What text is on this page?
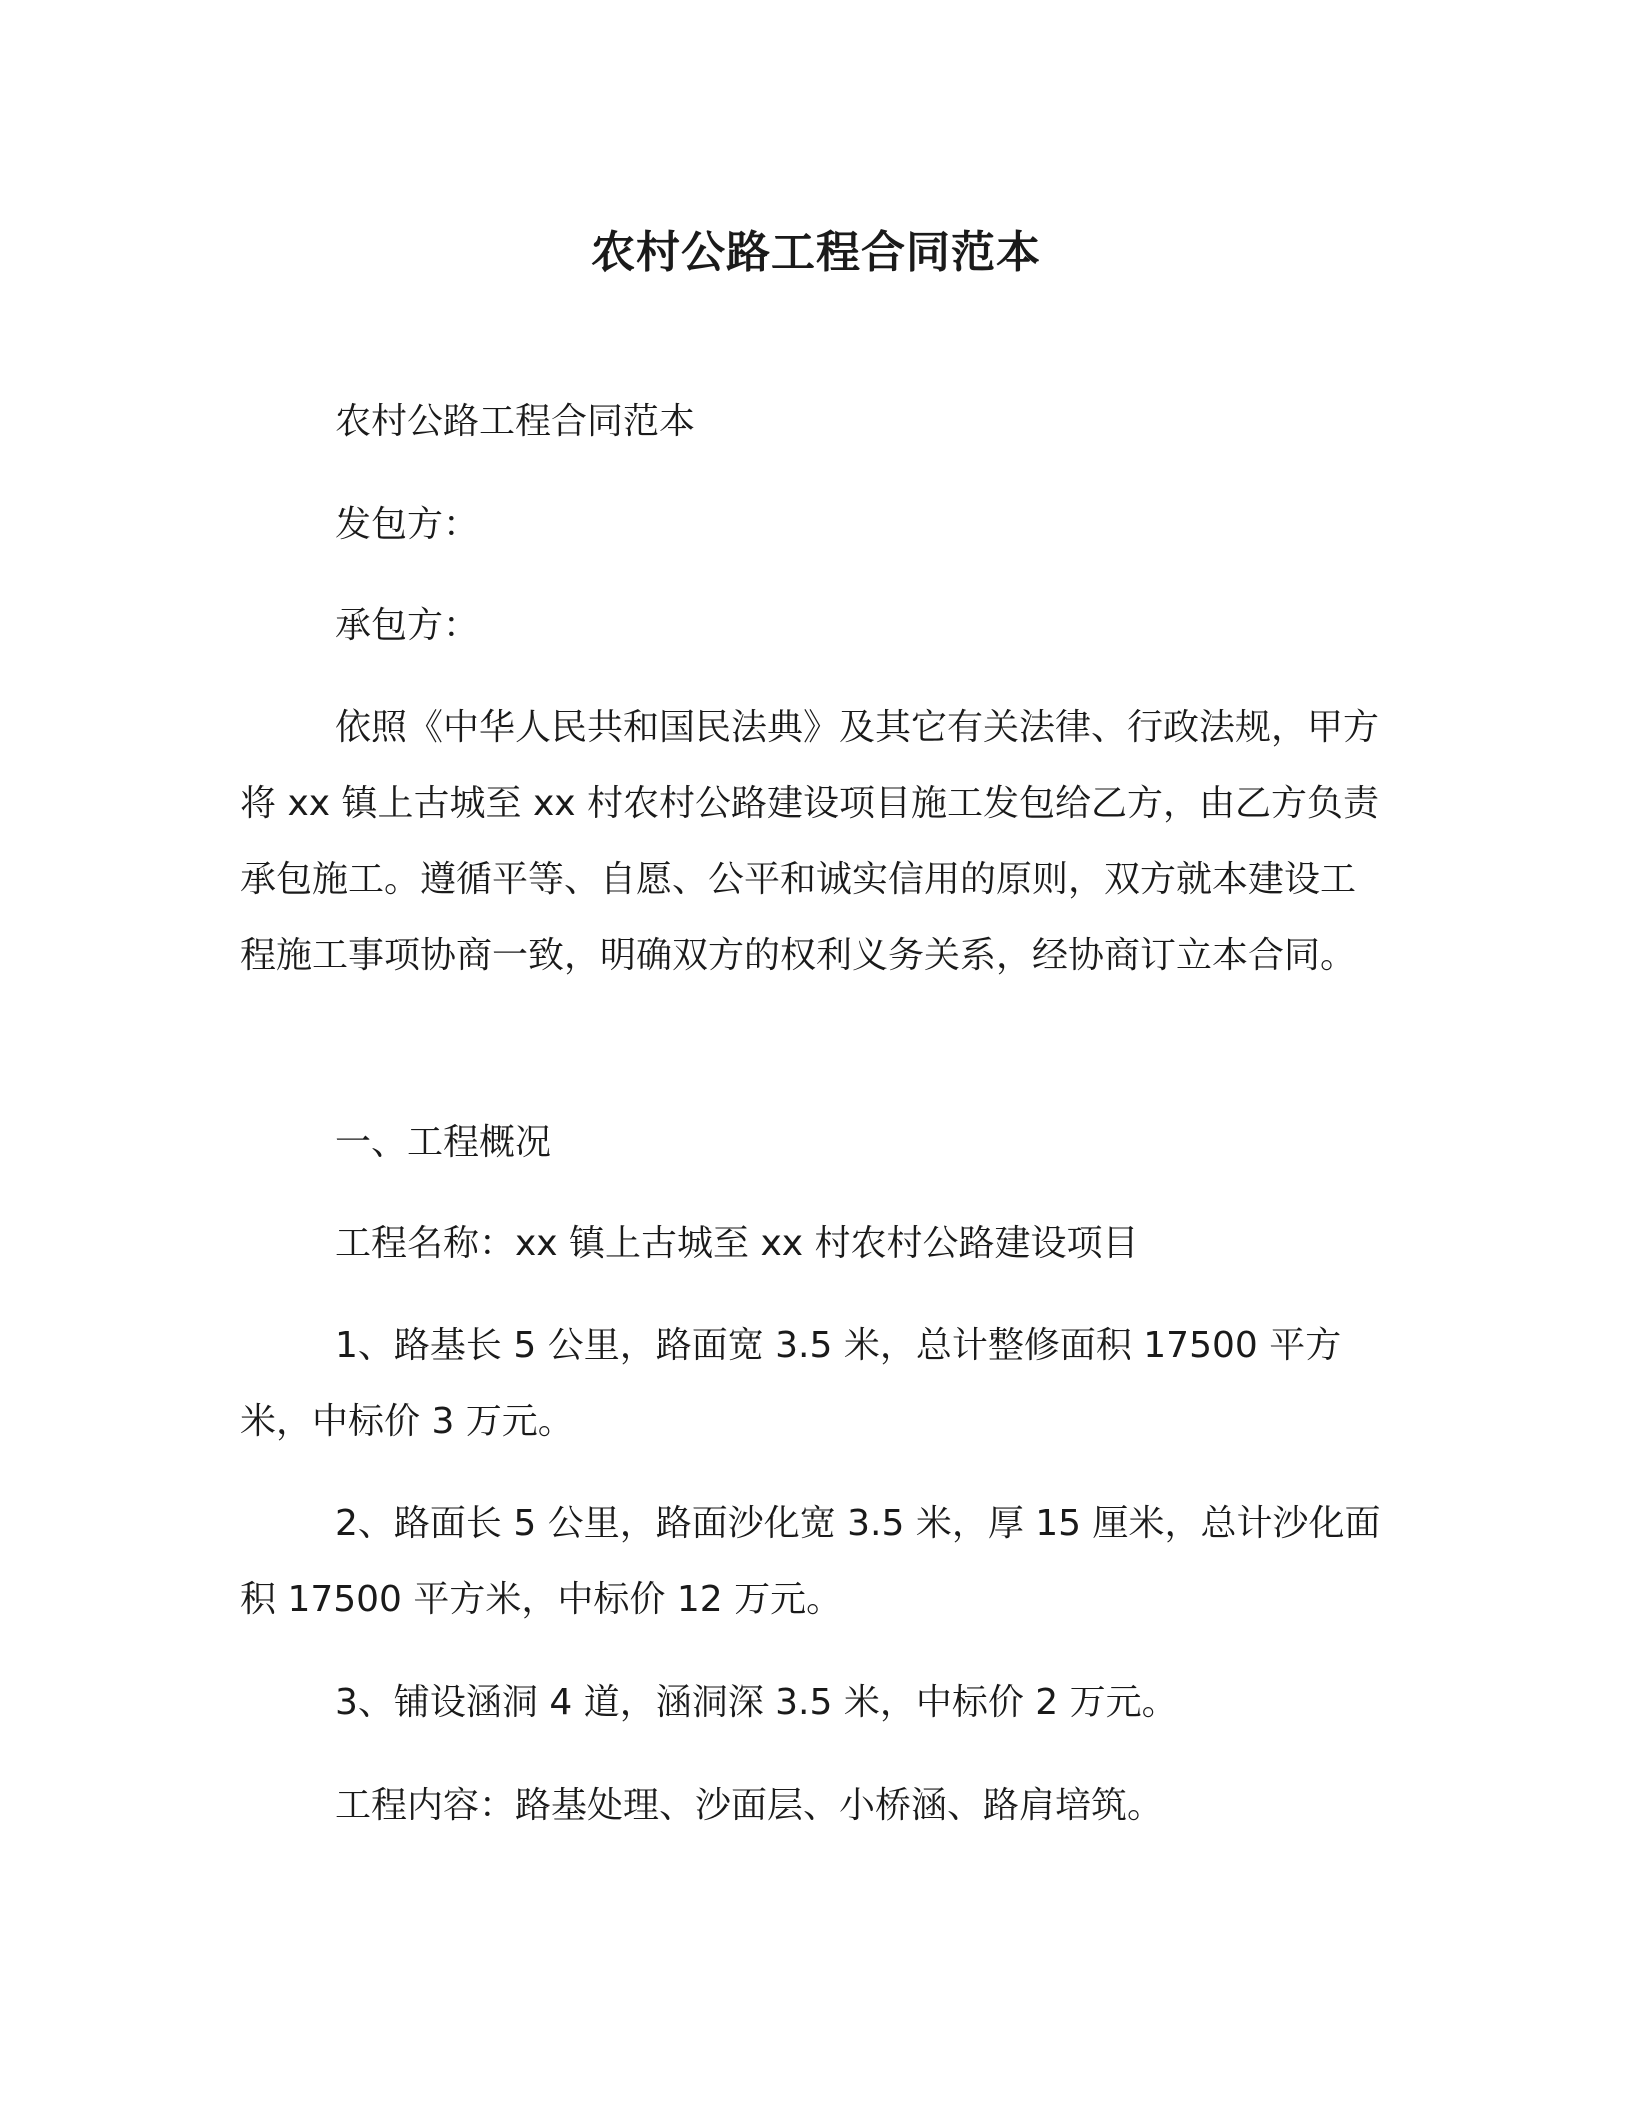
农村公路工程合同范本

农村公路工程合同范本

发包方：

承包方：

依照《中华人民共和国民法典》及其它有关法律、行政法规，甲方将 xx 镇上古城至 xx 村农村公路建设项目施工发包给乙方，由乙方负责承包施工。遵循平等、自愿、公平和诚实信用的原则，双方就本建设工程施工事项协商一致，明确双方的权利义务关系，经协商订立本合同。

一、工程概况

工程名称：xx 镇上古城至 xx 村农村公路建设项目

1、路基长 5 公里，路面宽 3.5 米，总计整修面积 17500 平方米，中标价 3 万元。

2、路面长 5 公里，路面沙化宽 3.5 米，厚 15 厘米，总计沙化面积 17500 平方米，中标价 12 万元。

3、铺设涵洞 4 道，涵洞深 3.5 米，中标价 2 万元。

工程内容：路基处理、沙面层、小桥涵、路肩培筑。
